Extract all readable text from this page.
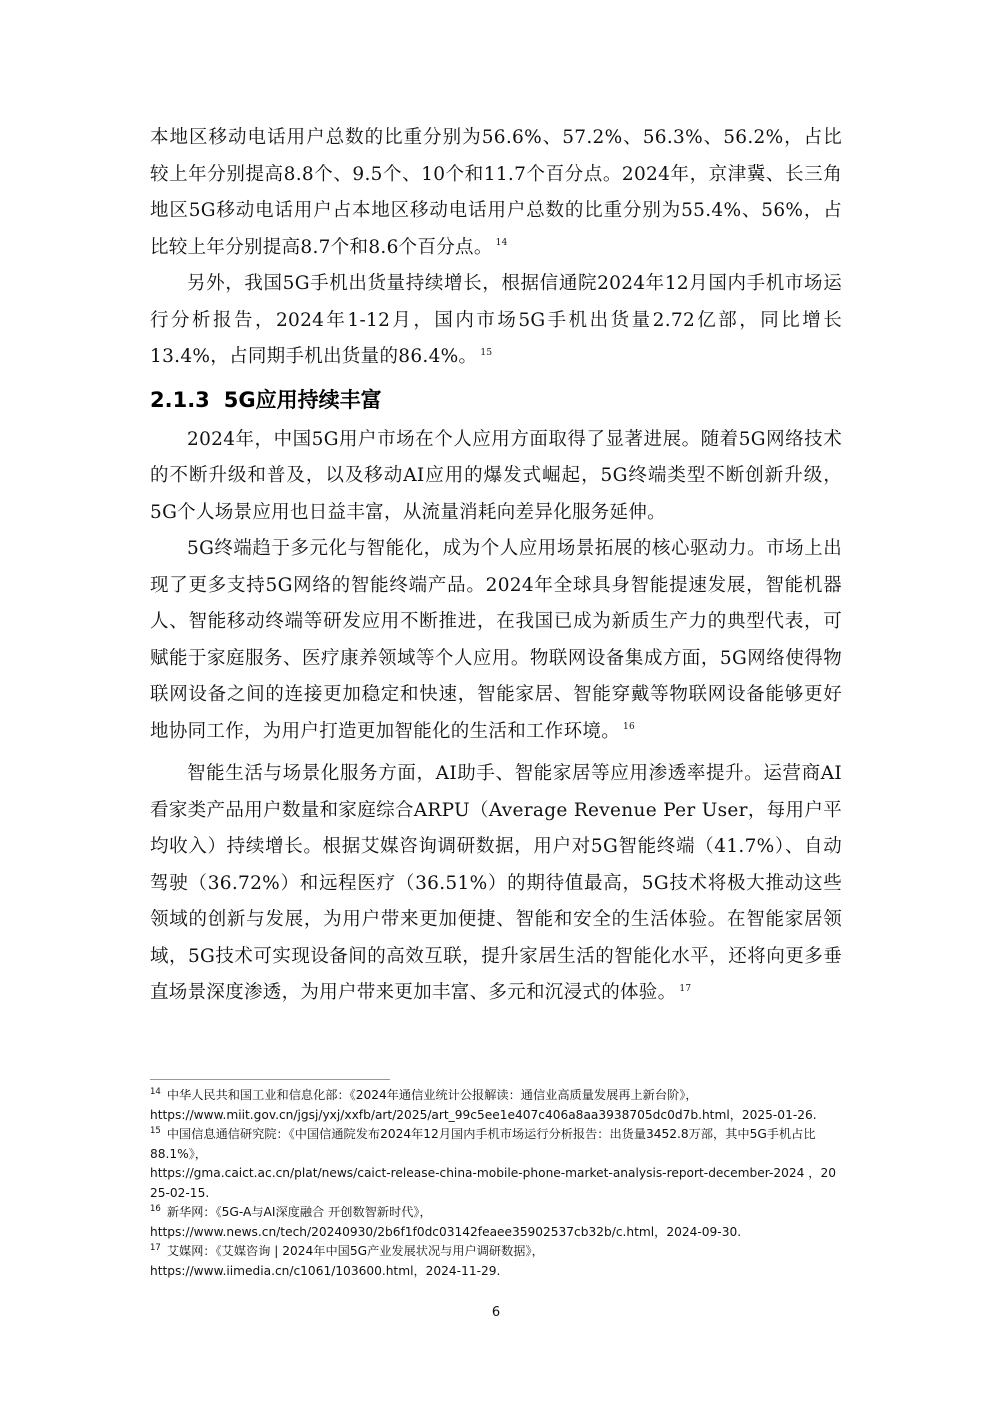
本地区移动电话用户总数的比重分别为56.6%、57.2%、56.3%、56.2%，占比较上年分别提高8.8个、9.5个、10个和11.7个百分点。2024年，京津冀、长三角地区5G移动电话用户占本地区移动电话用户总数的比重分别为55.4%、56%，占比较上年分别提高8.7个和8.6个百分点。 $^{14}$

另外，我国5G手机出货量持续增长，根据信通院2024年12月国内手机市场运行分析报告，2024年1-12月，国内市场5G手机出货量2.72亿部，同比增长13.4%，占同期手机出货量的86.4%。 $^{15}$

2.1.3 5G应用持续丰富

2024年，中国5G用户市场在个人应用方面取得了显著进展。随着5G网络技术的不断升级和普及，以及移动AI应用的爆发式崛起，5G终端类型不断创新升级，5G个人场景应用也日益丰富，从流量消耗向差异化服务延伸。

5G终端趋于多元化与智能化，成为个人应用场景拓展的核心驱动力。市场上出现了更多支持5G网络的智能终端产品。2024年全球具身智能提速发展，智能机器人、智能移动终端等研发应用不断推进，在我国已成为新质生产力的典型代表，可赋能于家庭服务、医疗康养领域等个人应用。物联网设备集成方面，5G网络使得物联网设备之间的连接更加稳定和快速，智能家居、智能穿戴等物联网设备能够更好地协同工作，为用户打造更加智能化的生活和工作环境。 $^{16}$

智能生活与场景化服务方面，AI助手、智能家居等应用渗透率提升。运营商AI看家类产品用户数量和家庭综合ARPU（Average Revenue Per User，每用户平均收入）持续增长。根据艾媒咨询调研数据，用户对5G智能终端（41.7%）、自动驾驶（36.72%）和远程医疗（36.51%）的期待值最高，5G技术将极大推动这些领域的创新与发展，为用户带来更加便捷、智能和安全的生活体验。在智能家居领域，5G技术可实现设备间的高效互联，提升家居生活的智能化水平，还将向更多垂直场景深度渗透，为用户带来更加丰富、多元和沉浸式的体验。 $^{17}$

$^{14}$ 中华人民共和国工业和信息化部：《2024年通信业统计公报解读：通信业高质量发展再上新台阶》，
https://www.miit.gov.cn/jgsj/yxj/xxfb/art/2025/art_99c5ee1e407c406a8aa3938705dc0d7b.html，2025-01-26.

$^{15}$ 中国信息通信研究院：《中国信通院发布2024年12月国内手机市场运行分析报告：出货量3452.8万部，其中5G手机占比88.1%》，
https://gma.caict.ac.cn/plat/news/caict-release-china-mobile-phone-market-analysis-report-december-2024 ，2025-02-15.

$^{16}$ 新华网：《5G-A与AI深度融合 开创数智新时代》，
https://www.news.cn/tech/20240930/2b6f1f0dc03142feaee35902537cb32b/c.html，2024-09-30.

$^{17}$ 艾媒网：《艾媒咨询 | 2024年中国5G产业发展状况与用户调研数据》，
https://www.iimedia.cn/c1061/103600.html，2024-11-29.

6
